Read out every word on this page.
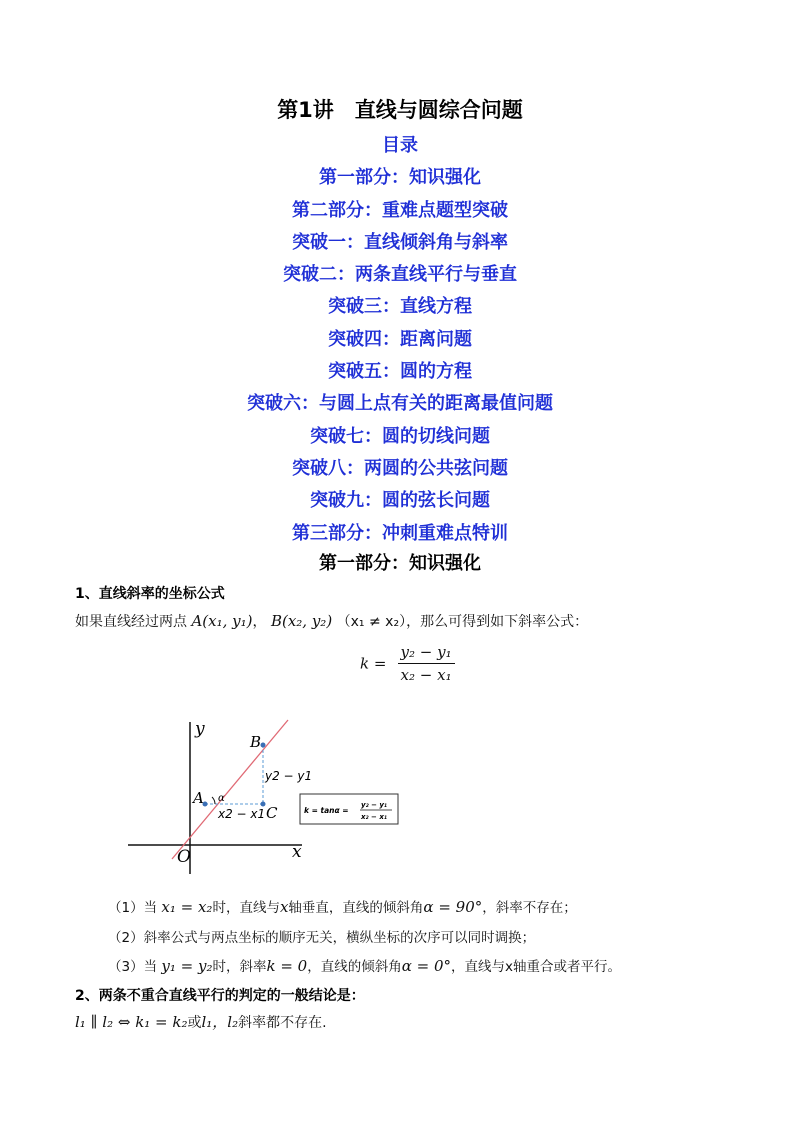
第1讲　直线与圆综合问题
目录
第一部分：知识强化
第二部分：重难点题型突破
突破一：直线倾斜角与斜率
突破二：两条直线平行与垂直
突破三：直线方程
突破四：距离问题
突破五：圆的方程
突破六：与圆上点有关的距离最值问题
突破七：圆的切线问题
突破八：两圆的公共弦问题
突破九：圆的弦长问题
第三部分：冲刺重难点特训
第一部分：知识强化
1、直线斜率的坐标公式
如果直线经过两点 A(x₁, y₁)， B(x₂, y₂) （x₁ ≠ x₂），那么可得到如下斜率公式：
$k = \frac{\text{y₂ − y₁}}{\text{x₂ − x₁}}$
y
x
O
A
B
C
α
y2 − y1
x2 − x1	k = tanα =
y₂ − y₁
x₂ − x₁
（1）当 x₁ = x₂时，直线与x轴垂直，直线的倾斜角α = 90°，斜率不存在；
（2）斜率公式与两点坐标的顺序无关，横纵坐标的次序可以同时调换；
（3）当 y₁ = y₂时，斜率k = 0，直线的倾斜角α = 0°，直线与x轴重合或者平行。
2、两条不重合直线平行的判定的一般结论是：
l₁ ∥ l₂ ⇔ k₁ = k₂或l₁，l₂斜率都不存在.
